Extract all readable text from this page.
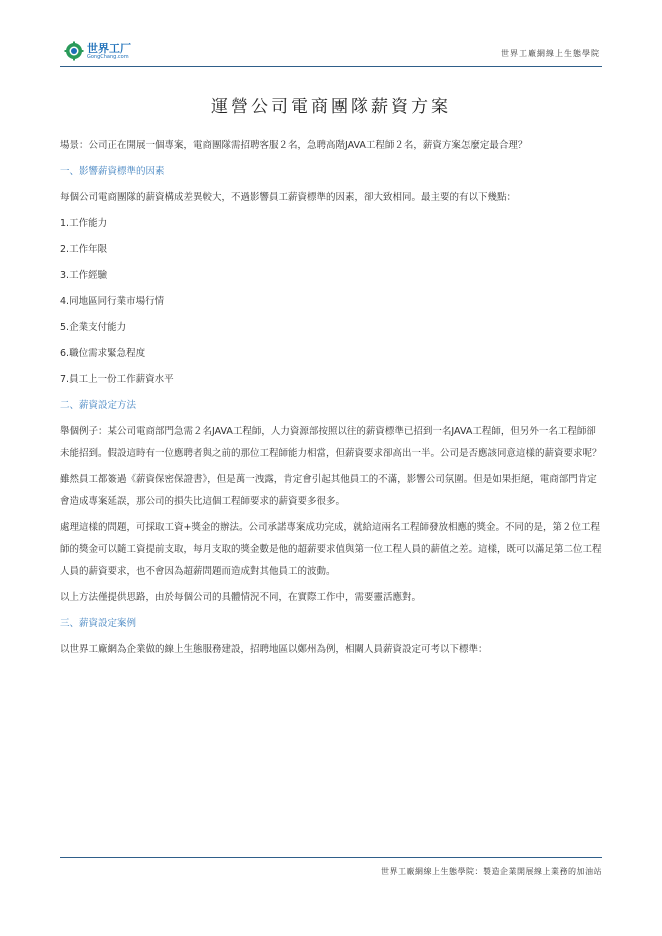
世界工厂
GongChang.com	世界工廠網線上生態學院
運營公司電商團隊薪資方案

場景：公司正在開展一個專案，電商團隊需招聘客服２名，急聘高階JAVA工程師２名，薪資方案怎麼定最合理？

一、影響薪資標準的因素

每個公司電商團隊的薪資構成差異較大，不過影響員工薪資標準的因素，卻大致相同。最主要的有以下幾點：

1.工作能力

2.工作年限

3.工作經驗

4.同地區同行業市場行情

5.企業支付能力

6.職位需求緊急程度

7.員工上一份工作薪資水平

二、薪資設定方法

舉個例子：某公司電商部門急需２名JAVA工程師，人力資源部按照以往的薪資標準已招到一名JAVA工程師，但另外一名工程師卻未能招到。假設這時有一位應聘者與之前的那位工程師能力相當，但薪資要求卻高出一半。公司是否應該同意這樣的薪資要求呢？

雖然員工都簽過《薪資保密保證書》，但是萬一洩露，肯定會引起其他員工的不滿，影響公司氛圍。但是如果拒絕，電商部門肯定會造成專案延誤，那公司的損失比這個工程師要求的薪資要多很多。

處理這樣的問題，可採取工資+獎金的辦法。公司承諾專案成功完成，就給這兩名工程師發放相應的獎金。不同的是，第２位工程師的獎金可以隨工資提前支取，每月支取的獎金數是他的超薪要求值與第一位工程人員的薪值之差。這樣，既可以滿足第二位工程人員的薪資要求，也不會因為超薪問題而造成對其他員工的波動。

以上方法僅提供思路，由於每個公司的具體情況不同，在實際工作中，需要靈活應對。

三、薪資設定案例

以世界工廠網為企業做的線上生態服務建設，招聘地區以鄭州為例，相關人員薪資設定可考以下標準：

世界工廠網線上生態學院：製造企業開展線上業務的加油站
